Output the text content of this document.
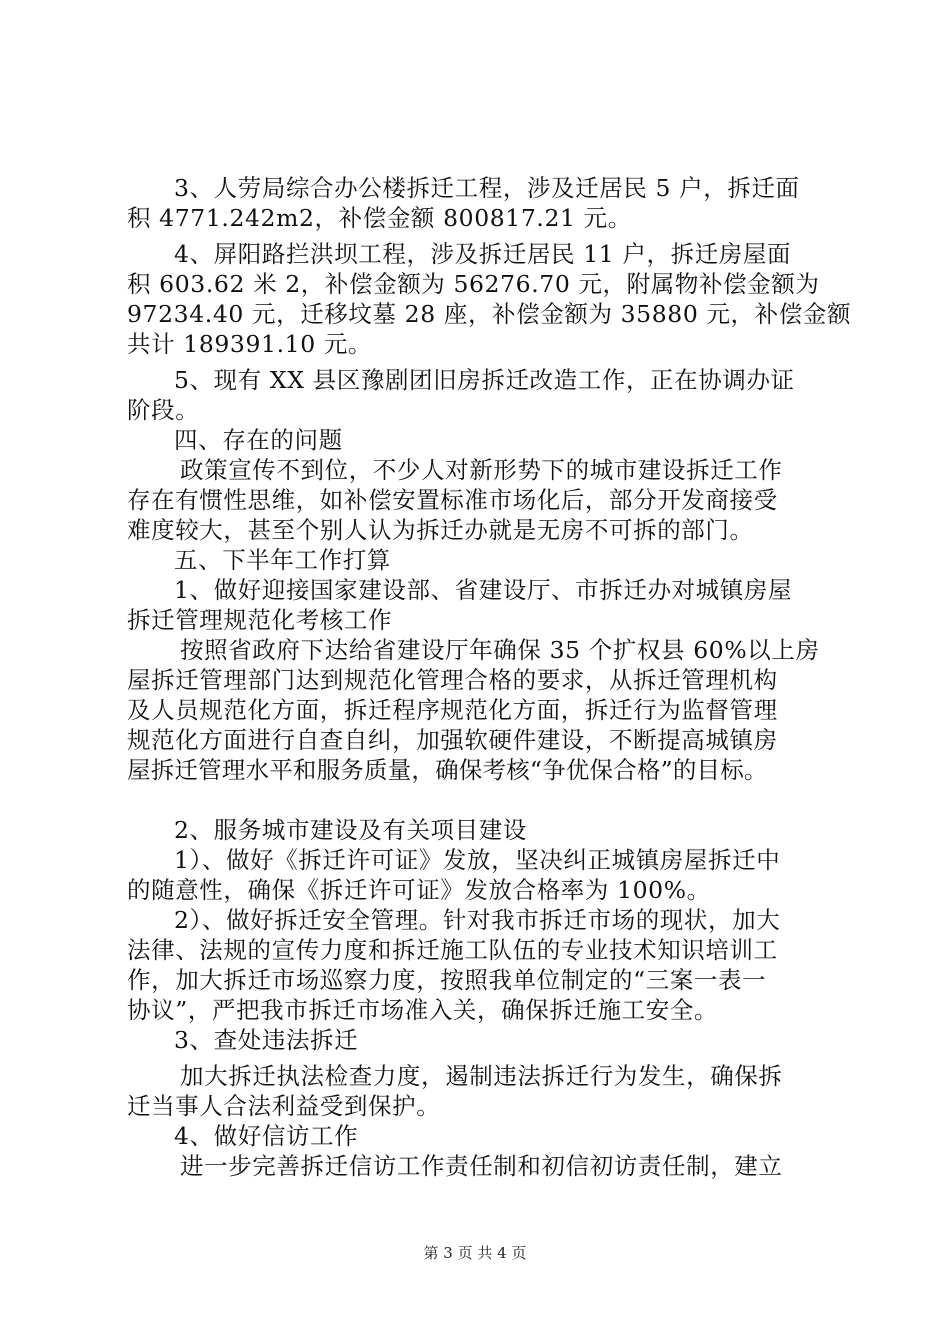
3、人劳局综合办公楼拆迁工程，涉及迁居民 5 户，拆迁面
积 4771.242m2，补偿金额 800817.21 元。
4、屏阳路拦洪坝工程，涉及拆迁居民 11 户，拆迁房屋面
积 603.62 米 2，补偿金额为 56276.70 元，附属物补偿金额为
97234.40 元，迁移坟墓 28 座，补偿金额为 35880 元，补偿金额
共计 189391.10 元。
5、现有 XX 县区豫剧团旧房拆迁改造工作，正在协调办证
阶段。
四、存在的问题
政策宣传不到位，不少人对新形势下的城市建设拆迁工作
存在有惯性思维，如补偿安置标准市场化后，部分开发商接受
难度较大，甚至个别人认为拆迁办就是无房不可拆的部门。
五、下半年工作打算
1、做好迎接国家建设部、省建设厅、市拆迁办对城镇房屋
拆迁管理规范化考核工作
按照省政府下达给省建设厅年确保 35 个扩权县 60%以上房
屋拆迁管理部门达到规范化管理合格的要求，从拆迁管理机构
及人员规范化方面，拆迁程序规范化方面，拆迁行为监督管理
规范化方面进行自查自纠，加强软硬件建设，不断提高城镇房
屋拆迁管理水平和服务质量，确保考核“争优保合格”的目标。
2、服务城市建设及有关项目建设
1）、做好《拆迁许可证》发放，坚决纠正城镇房屋拆迁中
的随意性，确保《拆迁许可证》发放合格率为 100%。
2）、做好拆迁安全管理。针对我市拆迁市场的现状，加大
法律、法规的宣传力度和拆迁施工队伍的专业技术知识培训工
作，加大拆迁市场巡察力度，按照我单位制定的“三案一表一
协议”，严把我市拆迁市场准入关，确保拆迁施工安全。
3、查处违法拆迁
加大拆迁执法检查力度，遏制违法拆迁行为发生，确保拆
迁当事人合法利益受到保护。
4、做好信访工作
进一步完善拆迁信访工作责任制和初信初访责任制，建立
第 3 页 共 4 页
